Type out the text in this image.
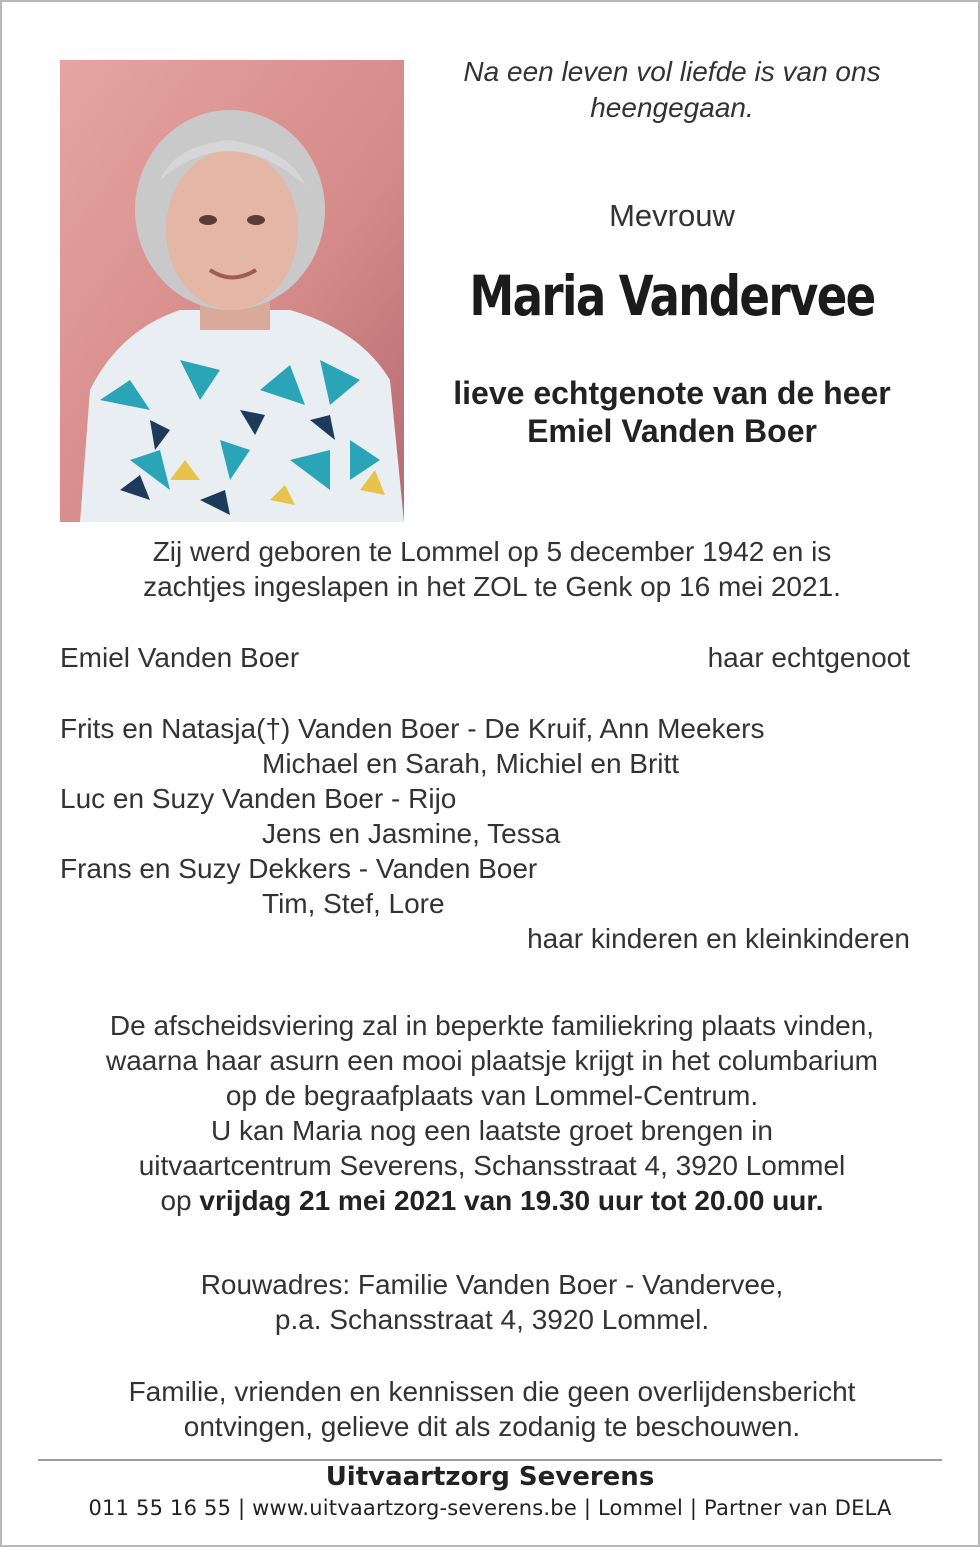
Na een leven vol liefde is van ons
heengegaan.
Mevrouw
Maria Vandervee
lieve echtgenote van de heer
Emiel Vanden Boer
Zij werd geboren te Lommel op 5 december 1942 en is
zachtjes ingeslapen in het ZOL te Genk op 16 mei 2021.
Emiel Vanden Boer	haar echtgenoot
Frits en Natasja(†) Vanden Boer - De Kruif, Ann Meekers
Michael en Sarah, Michiel en Britt
Luc en Suzy Vanden Boer - Rijo
Jens en Jasmine, Tessa
Frans en Suzy Dekkers - Vanden Boer
Tim, Stef, Lore
haar kinderen en kleinkinderen
De afscheidsviering zal in beperkte familiekring plaats vinden,
waarna haar asurn een mooi plaatsje krijgt in het columbarium
op de begraafplaats van Lommel-Centrum.
U kan Maria nog een laatste groet brengen in
uitvaartcentrum Severens, Schansstraat 4, 3920 Lommel
op vrijdag 21 mei 2021 van 19.30 uur tot 20.00 uur.
Rouwadres: Familie Vanden Boer - Vandervee,
p.a. Schansstraat 4, 3920 Lommel.
Familie, vrienden en kennissen die geen overlijdensbericht
ontvingen, gelieve dit als zodanig te beschouwen.
Uitvaartzorg Severens
011 55 16 55 | www.uitvaartzorg-severens.be | Lommel | Partner van DELA
